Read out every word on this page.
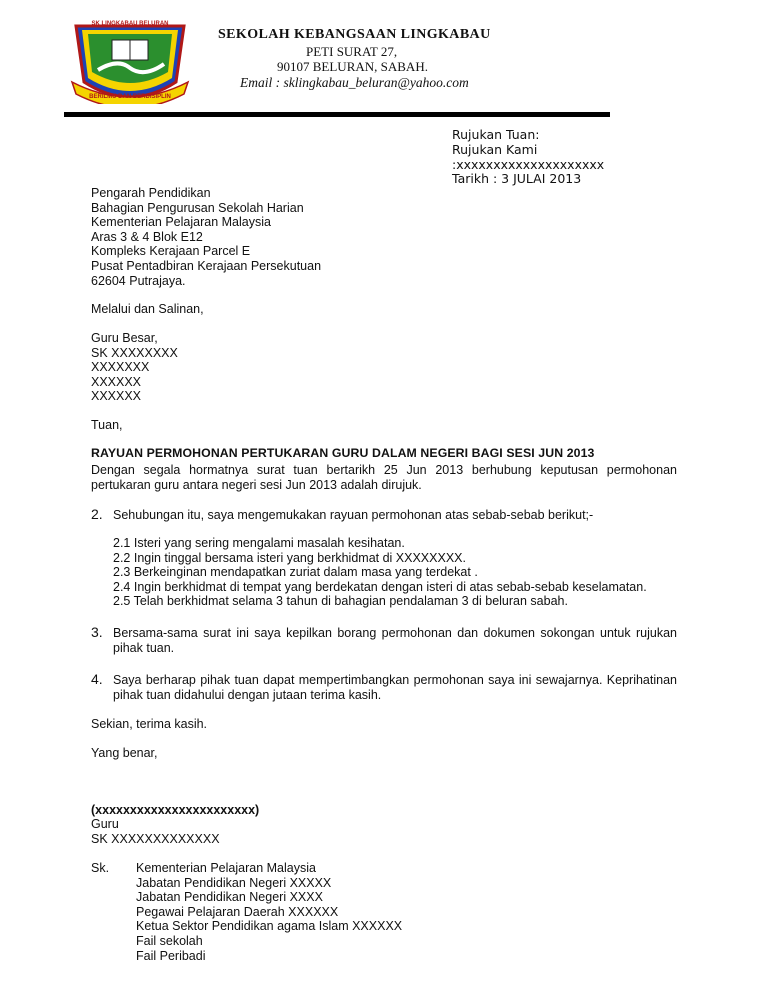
BERILMU DAN BERDISIPLIN
SK LINGKABAU BELURAN
SEKOLAH KEBANGSAAN LINGKABAU
PETI SURAT 27,
90107 BELURAN, SABAH.
Email : sklingkabau_beluran@yahoo.com
Rujukan Tuan:
Rujukan Kami
:xxxxxxxxxxxxxxxxxxxx
Tarikh : 3 JULAI 2013
Pengarah Pendidikan
Bahagian Pengurusan Sekolah Harian
Kementerian Pelajaran Malaysia
Aras 3 & 4 Blok E12
Kompleks Kerajaan Parcel E
Pusat Pentadbiran Kerajaan Persekutuan
62604 Putrajaya.
Melalui dan Salinan,
Guru Besar,
SK XXXXXXXX
XXXXXXX
XXXXXX
XXXXXX
Tuan,
RAYUAN PERMOHONAN PERTUKARAN GURU DALAM NEGERI BAGI SESI JUN 2013
Dengan segala hormatnya surat tuan bertarikh 25 Jun 2013 berhubung keputusan permohonan pertukaran guru antara negeri sesi Jun 2013 adalah dirujuk.
2. Sehubungan itu, saya mengemukakan rayuan permohonan atas sebab-sebab berikut;-
2.1 Isteri yang sering mengalami masalah kesihatan.
2.2 Ingin tinggal bersama isteri yang berkhidmat di XXXXXXXX.
2.3 Berkeinginan mendapatkan zuriat dalam masa yang terdekat .
2.4 Ingin berkhidmat di tempat yang berdekatan dengan isteri di atas sebab-sebab keselamatan.
2.5 Telah berkhidmat selama 3 tahun di bahagian pendalaman 3 di beluran sabah.
3. Bersama-sama surat ini saya kepilkan borang permohonan dan dokumen sokongan untuk rujukan pihak tuan.
4. Saya berharap pihak tuan dapat mempertimbangkan permohonan saya ini sewajarnya. Keprihatinan pihak tuan didahului dengan jutaan terima kasih.
Sekian, terima kasih.
Yang benar,
(xxxxxxxxxxxxxxxxxxxxxxx)
Guru
SK XXXXXXXXXXXXX
Sk. Kementerian Pelajaran Malaysia
Jabatan Pendidikan Negeri XXXXX
Jabatan Pendidikan Negeri XXXX
Pegawai Pelajaran Daerah XXXXXX
Ketua Sektor Pendidikan agama Islam XXXXXX
Fail sekolah
Fail Peribadi
